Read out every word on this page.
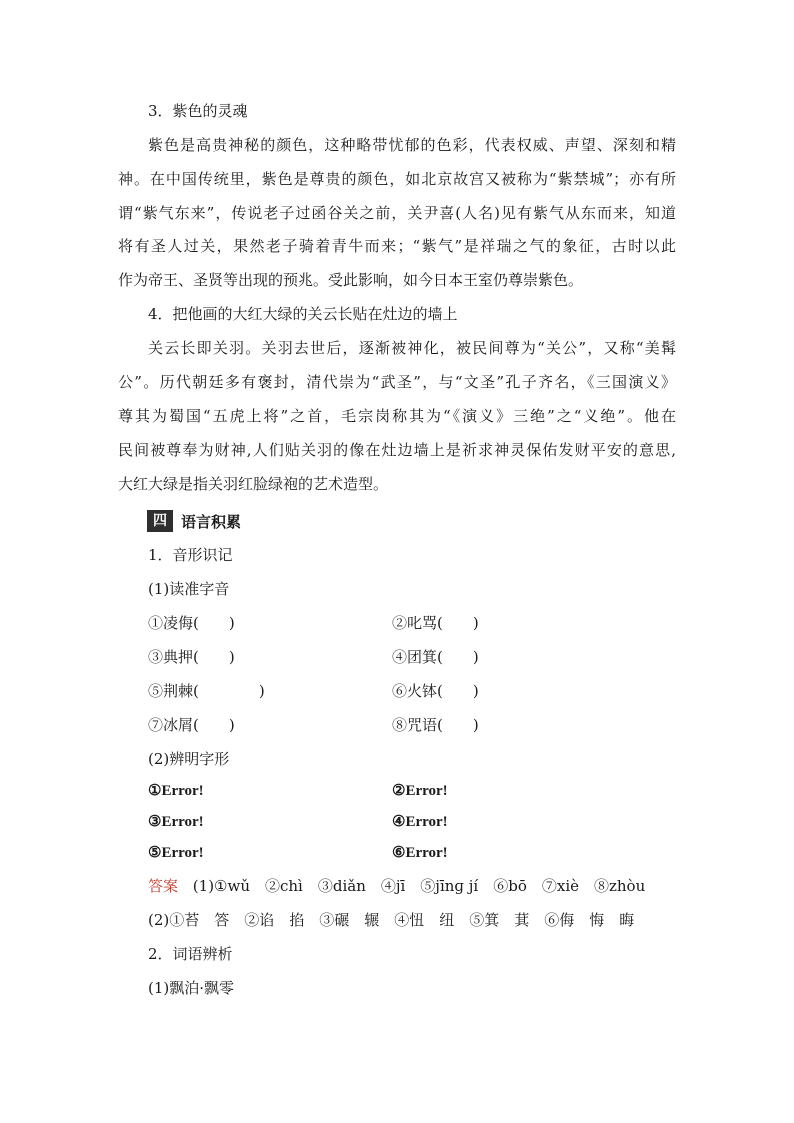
3．紫色的灵魂
紫色是高贵神秘的颜色，这种略带忧郁的色彩，代表权威、声望、深刻和精
神。在中国传统里，紫色是尊贵的颜色，如北京故宫又被称为“紫禁城”；亦有所
谓“紫气东来”，传说老子过函谷关之前，关尹喜(人名)见有紫气从东而来，知道
将有圣人过关，果然老子骑着青牛而来；“紫气”是祥瑞之气的象征，古时以此
作为帝王、圣贤等出现的预兆。受此影响，如今日本王室仍尊崇紫色。
4．把他画的大红大绿的关云长贴在灶边的墙上
关云长即关羽。关羽去世后，逐渐被神化，被民间尊为“关公”，又称“美髯
公”。历代朝廷多有褒封，清代崇为“武圣”，与“文圣”孔子齐名，《三国演义》
尊其为蜀国“五虎上将”之首，毛宗岗称其为“《演义》三绝”之“义绝”。他在
民间被尊奉为财神,人们贴关羽的像在灶边墙上是祈求神灵保佑发财平安的意思,
大红大绿是指关羽红脸绿袍的艺术造型。
四 语言积累
1．音形识记
(1)读准字音
①凌侮(　　)	②叱骂(　　)
③典押(　　)	④团箕(　　)
⑤荆棘(　　　　)	⑥火钵(　　)
⑦冰屑(　　)	⑧咒语(　　)
(2)辨明字形
①Error!	②Error!
③Error!	④Error!
⑤Error!	⑥Error!
答案 (1)①wǔ　②chì　③diǎn　④jī　⑤jīnɡ jí　⑥bō　⑦xiè　⑧zhòu
(2)①苔　答　②谄　掐　③碾　辗　④忸　纽　⑤箕　萁　⑥侮　悔　晦
2．词语辨析
(1)飘泊·飘零
